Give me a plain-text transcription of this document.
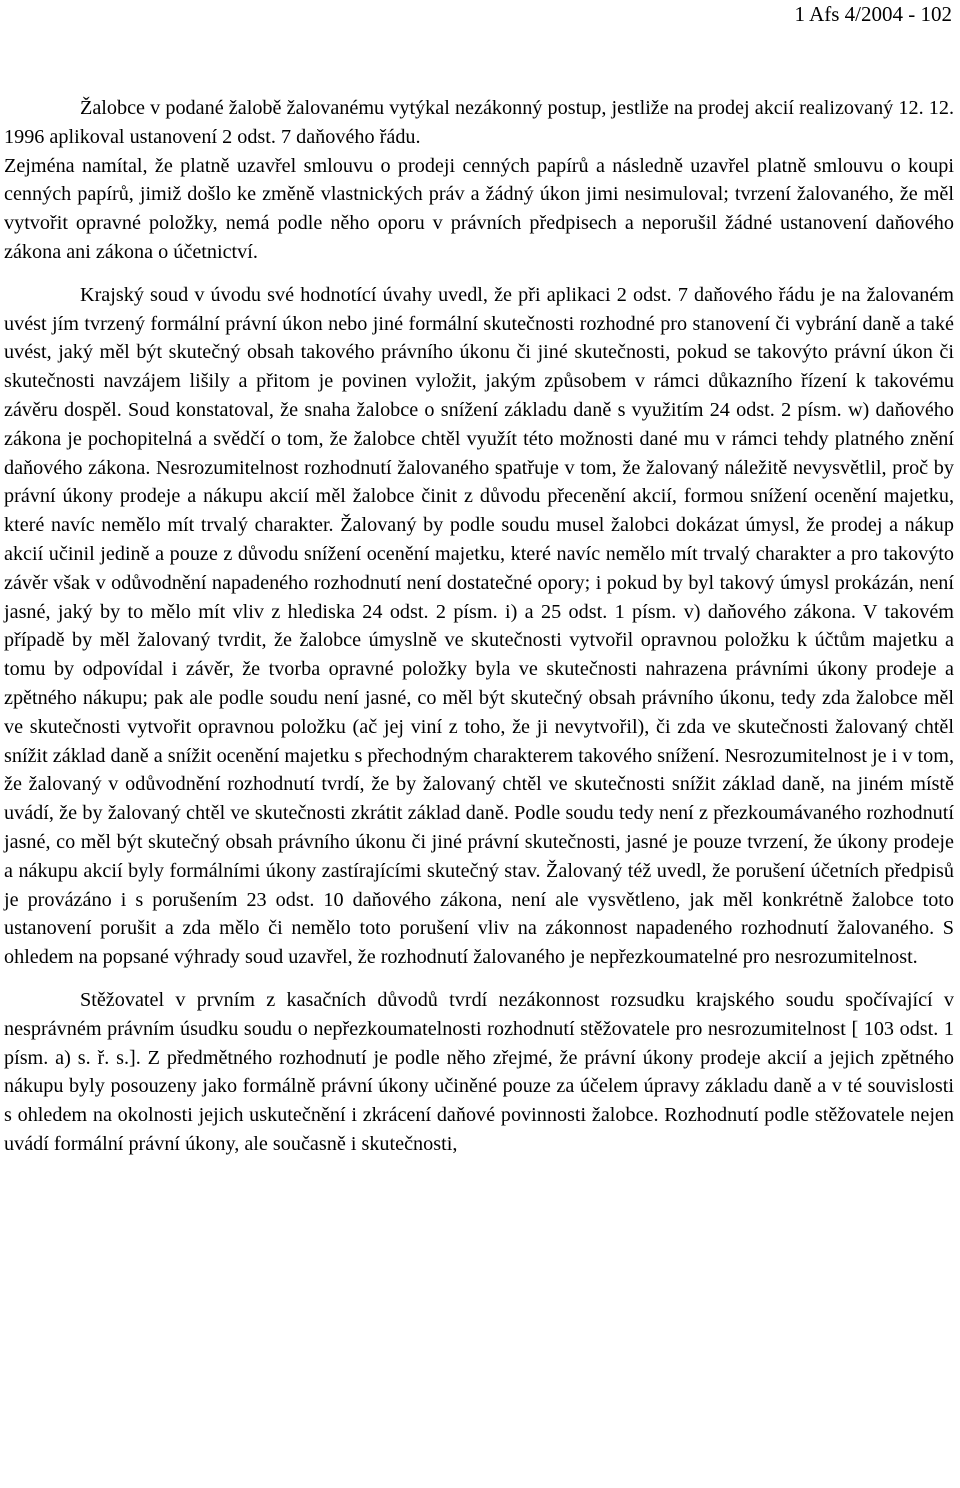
1 Afs 4/2004 - 102

Žalobce v podané žalobě žalovanému vytýkal nezákonný postup, jestliže na prodej akcií realizovaný 12. 12. 1996 aplikoval ustanovení 2 odst. 7 daňového řádu.

Zejména namítal, že platně uzavřel smlouvu o prodeji cenných papírů a následně uzavřel platně smlouvu o koupi cenných papírů, jimiž došlo ke změně vlastnických práv a žádný úkon jimi nesimuloval; tvrzení žalovaného, že měl vytvořit opravné položky, nemá podle něho oporu v právních předpisech a neporušil žádné ustanovení daňového zákona ani zákona o účetnictví.

Krajský soud v úvodu své hodnotící úvahy uvedl, že při aplikaci 2 odst. 7 daňového řádu je na žalovaném uvést jím tvrzený formální právní úkon nebo jiné formální skutečnosti rozhodné pro stanovení či vybrání daně a také uvést, jaký měl být skutečný obsah takového právního úkonu či jiné skutečnosti, pokud se takovýto právní úkon či skutečnosti navzájem lišily a přitom je povinen vyložit, jakým způsobem v rámci důkazního řízení k takovému závěru dospěl. Soud konstatoval, že snaha žalobce o snížení základu daně s využitím 24 odst. 2 písm. w) daňového zákona je pochopitelná a svědčí o tom, že žalobce chtěl využít této možnosti dané mu v rámci tehdy platného znění daňového zákona. Nesrozumitelnost rozhodnutí žalovaného spatřuje v tom, že žalovaný náležitě nevysvětlil, proč by právní úkony prodeje a nákupu akcií měl žalobce činit z důvodu přecenění akcií, formou snížení ocenění majetku, které navíc nemělo mít trvalý charakter. Žalovaný by podle soudu musel žalobci dokázat úmysl, že prodej a nákup akcií učinil jedině a pouze z důvodu snížení ocenění majetku, které navíc nemělo mít trvalý charakter a pro takovýto závěr však v odůvodnění napadeného rozhodnutí není dostatečné opory; i pokud by byl takový úmysl prokázán, není jasné, jaký by to mělo mít vliv z hlediska 24 odst. 2 písm. i) a 25 odst. 1 písm. v) daňového zákona. V takovém případě by měl žalovaný tvrdit, že žalobce úmyslně ve skutečnosti vytvořil opravnou položku k účtům majetku a tomu by odpovídal i závěr, že tvorba opravné položky byla ve skutečnosti nahrazena právními úkony prodeje a zpětného nákupu; pak ale podle soudu není jasné, co měl být skutečný obsah právního úkonu, tedy zda žalobce měl ve skutečnosti vytvořit opravnou položku (ač jej viní z toho, že ji nevytvořil), či zda ve skutečnosti žalovaný chtěl snížit základ daně a snížit ocenění majetku s přechodným charakterem takového snížení. Nesrozumitelnost je i v tom, že žalovaný v odůvodnění rozhodnutí tvrdí, že by žalovaný chtěl ve skutečnosti snížit základ daně, na jiném místě uvádí, že by žalovaný chtěl ve skutečnosti zkrátit základ daně. Podle soudu tedy není z přezkoumávaného rozhodnutí jasné, co měl být skutečný obsah právního úkonu či jiné právní skutečnosti, jasné je pouze tvrzení, že úkony prodeje a nákupu akcií byly formálními úkony zastírajícími skutečný stav. Žalovaný též uvedl, že porušení účetních předpisů je provázáno i s porušením 23 odst. 10 daňového zákona, není ale vysvětleno, jak měl konkrétně žalobce toto ustanovení porušit a zda mělo či nemělo toto porušení vliv na zákonnost napadeného rozhodnutí žalovaného. S ohledem na popsané výhrady soud uzavřel, že rozhodnutí žalovaného je nepřezkoumatelné pro nesrozumitelnost.

Stěžovatel v prvním z kasačních důvodů tvrdí nezákonnost rozsudku krajského soudu spočívající v nesprávném právním úsudku soudu o nepřezkoumatelnosti rozhodnutí stěžovatele pro nesrozumitelnost [ 103 odst. 1 písm. a) s. ř. s.]. Z předmětného rozhodnutí je podle něho zřejmé, že právní úkony prodeje akcií a jejich zpětného nákupu byly posouzeny jako formálně právní úkony učiněné pouze za účelem úpravy základu daně a v té souvislosti s ohledem na okolnosti jejich uskutečnění i zkrácení daňové povinnosti žalobce. Rozhodnutí podle stěžovatele nejen uvádí formální právní úkony, ale současně i skutečnosti,
